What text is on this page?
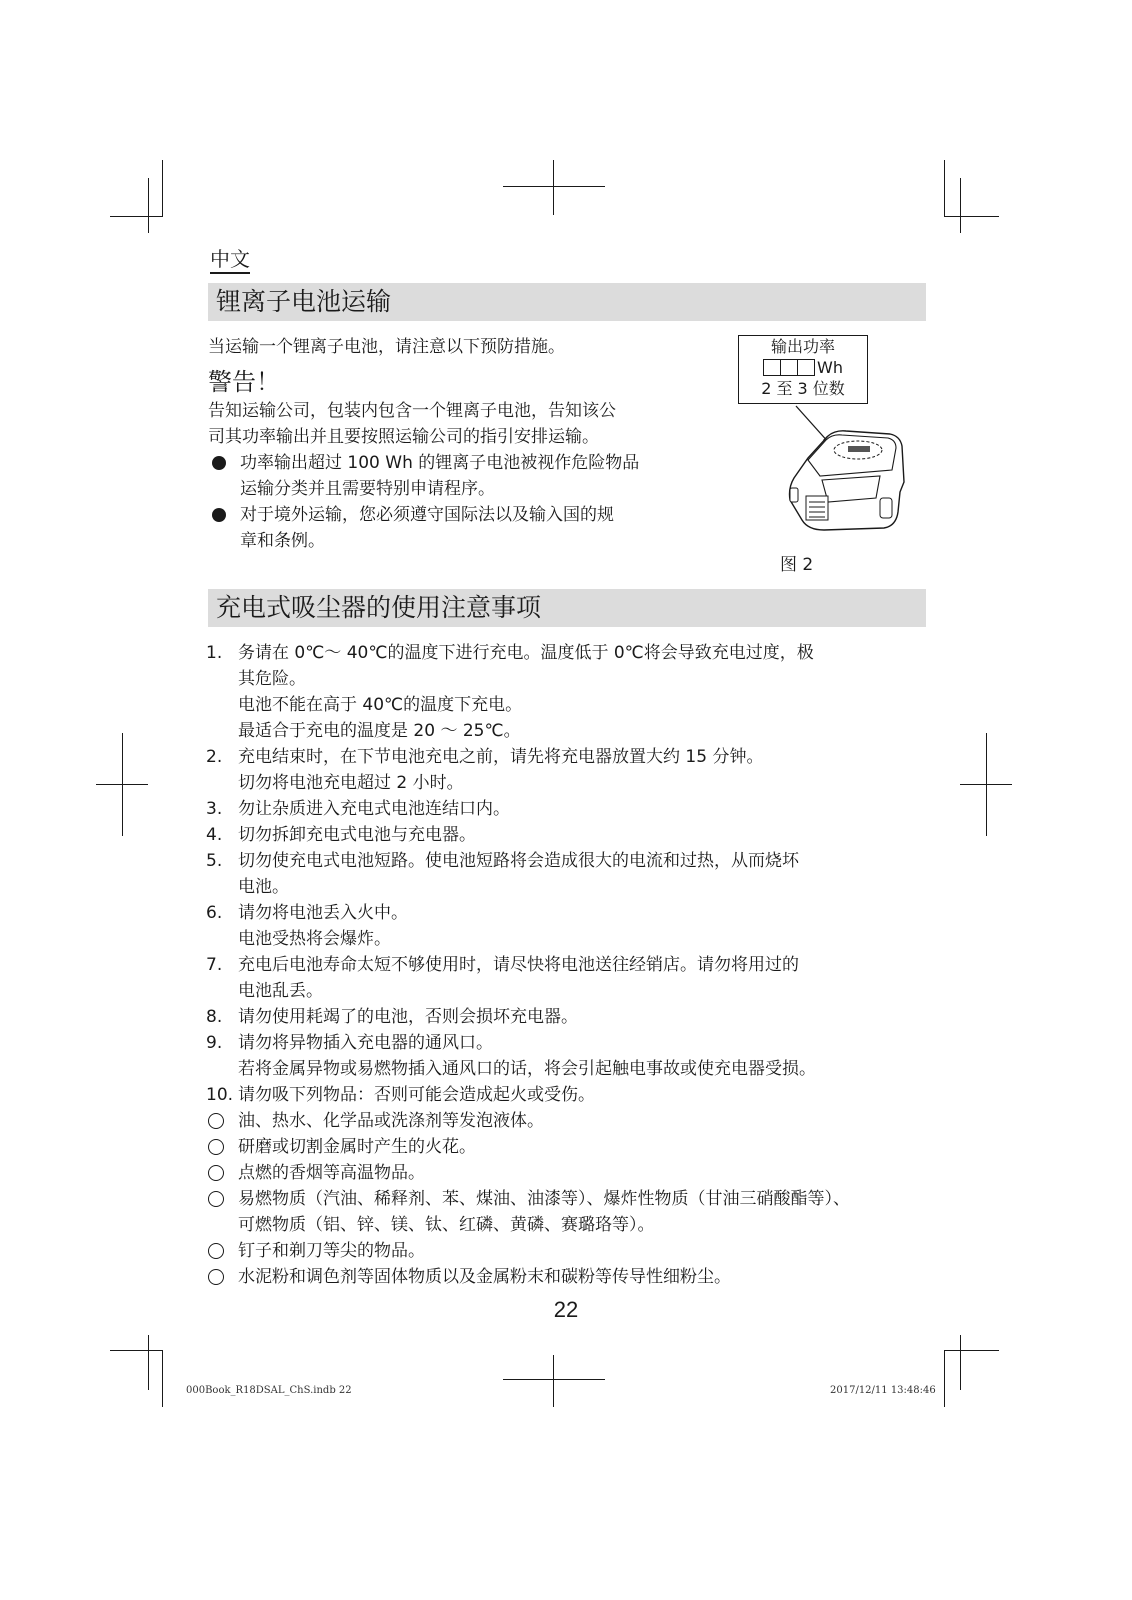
中文
锂离子电池运输
当运输一个锂离子电池，请注意以下预防措施。
警告！
告知运输公司，包装内包含一个锂离子电池，告知该公
司其功率输出并且要按照运输公司的指引安排运输。
功率输出超过 100 Wh 的锂离子电池被视作危险物品
运输分类并且需要特别申请程序。
对于境外运输，您必须遵守国际法以及输入国的规
章和条例。
输出功率
Wh
2 至 3 位数
图 2
充电式吸尘器的使用注意事项
1. 务请在 0℃～ 40℃的温度下进行充电。温度低于 0℃将会导致充电过度，极
其危险。
电池不能在高于 40℃的温度下充电。
最适合于充电的温度是 20 ～ 25℃。
2. 充电结束时，在下节电池充电之前，请先将充电器放置大约 15 分钟。
切勿将电池充电超过 2 小时。
3. 勿让杂质进入充电式电池连结口内。
4. 切勿拆卸充电式电池与充电器。
5. 切勿使充电式电池短路。使电池短路将会造成很大的电流和过热，从而烧坏
电池。
6. 请勿将电池丢入火中。
电池受热将会爆炸。
7. 充电后电池寿命太短不够使用时，请尽快将电池送往经销店。请勿将用过的
电池乱丢。
8. 请勿使用耗竭了的电池，否则会损坏充电器。
9. 请勿将异物插入充电器的通风口。
若将金属异物或易燃物插入通风口的话，将会引起触电事故或使充电器受损。
10. 请勿吸下列物品：否则可能会造成起火或受伤。
油、热水、化学品或洗涤剂等发泡液体。
研磨或切割金属时产生的火花。
点燃的香烟等高温物品。
易燃物质（汽油、稀释剂、苯、煤油、油漆等）、爆炸性物质（甘油三硝酸酯等）、
可燃物质（铝、锌、镁、钛、红磷、黄磷、赛璐珞等）。
钉子和剃刀等尖的物品。
水泥粉和调色剂等固体物质以及金属粉末和碳粉等传导性细粉尘。
22
000Book_R18DSAL_ChS.indb 22	2017/12/11 13:48:46
